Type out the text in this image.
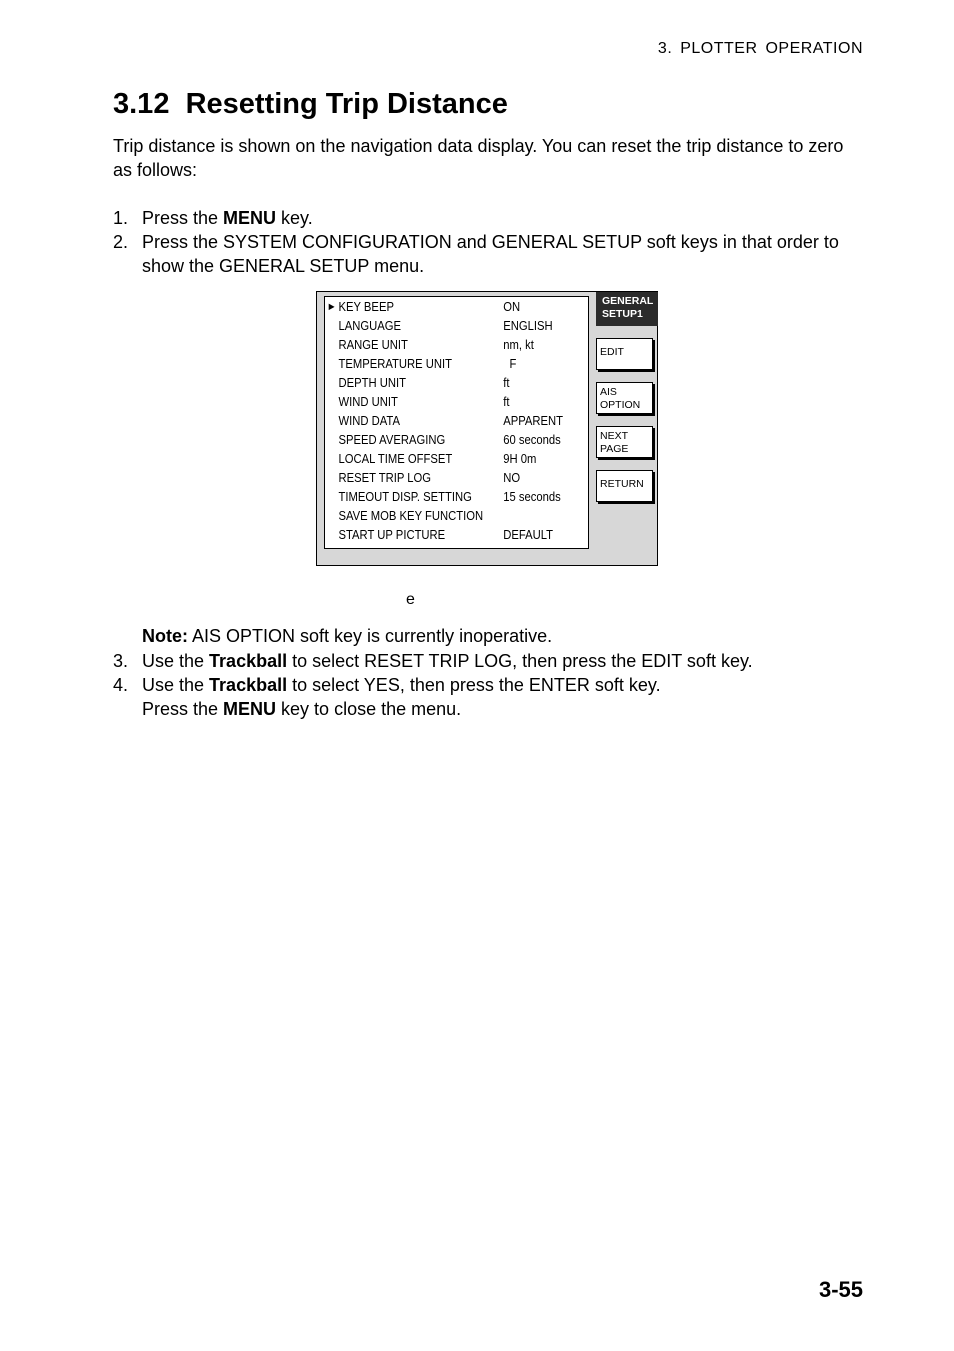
3. PLOTTER OPERATION
3.12 Resetting Trip Distance

Trip distance is shown on the navigation data display. You can reset the trip distance to zero as follows:

1. Press the MENU key.
2. Press the SYSTEM CONFIGURATION and GENERAL SETUP soft keys in that order to show the GENERAL SETUP menu.
► KEY BEEP	ON
LANGUAGE	ENGLISH
RANGE UNIT	nm, kt
TEMPERATURE UNIT	F
DEPTH UNIT	ft
WIND UNIT	ft
WIND DATA	APPARENT
SPEED AVERAGING	60 seconds
LOCAL TIME OFFSET	9H 0m
RESET TRIP LOG	NO
TIMEOUT DISP. SETTING	15 seconds
SAVE MOB KEY FUNCTION
START UP PICTURE	DEFAULT
GENERAL
SETUP1
EDIT
AIS
OPTION
NEXT
PAGE
RETURN
e
Note: AIS OPTION soft key is currently inoperative.
3. Use the Trackball to select RESET TRIP LOG, then press the EDIT soft key.
4. Use the Trackball to select YES, then press the ENTER soft key.
Press the MENU key to close the menu.
3-55
